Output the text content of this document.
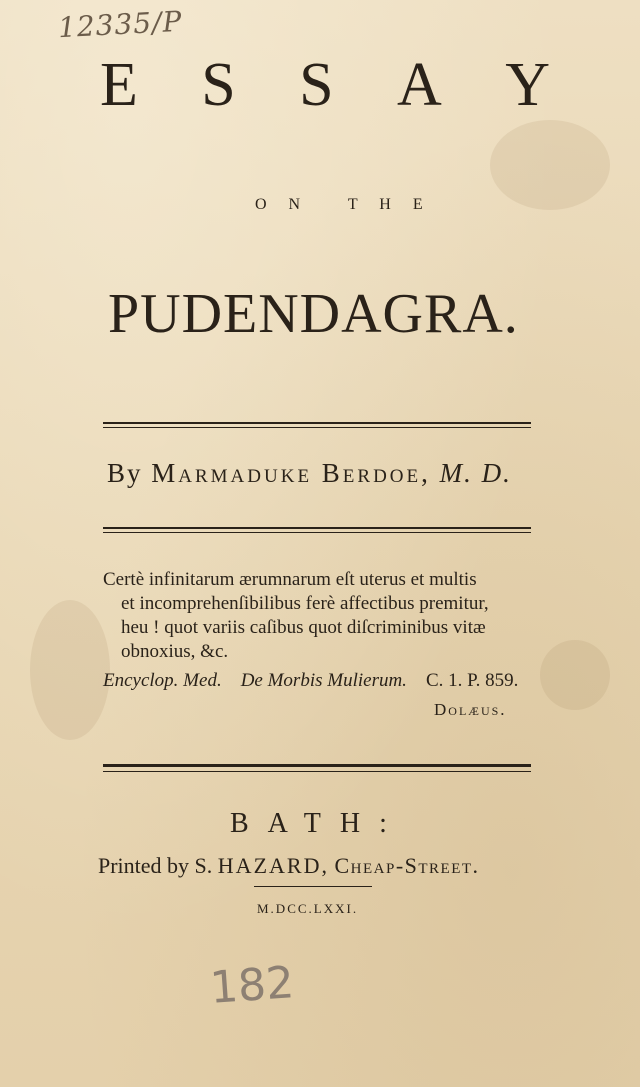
12335/P
E S S A Y
O N   T H E
PUDENDAGRA.
By Marmaduke Berdoe, M. D.
Certè infinitarum ærumnarum eſt uterus et multis
et incomprehenſibilibus ferè affectibus premitur,
heu ! quot variis caſibus quot diſcriminibus vitæ
obnoxius, &c.
Encyclop. Med. De Morbis Mulierum. C. 1. P. 859.
Dolæus.
BATH:
Printed by S. HAZARD, Cheap-Street.
M.DCC.LXXI.
182
